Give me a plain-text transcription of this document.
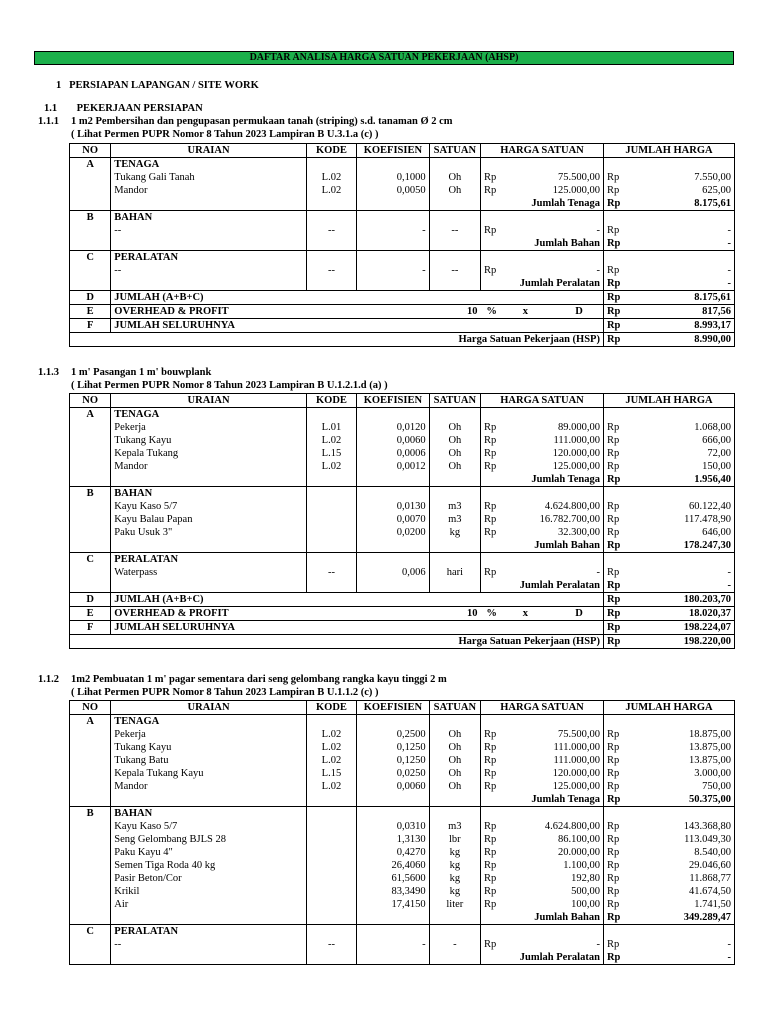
DAFTAR ANALISA HARGA SATUAN PEKERJAAN (AHSP)
1 PERSIAPAN LAPANGAN / SITE WORK
1.1 PEKERJAAN PERSIAPAN
1.1.1 1 m2 Pembersihan dan pengupasan permukaan tanah (striping) s.d. tanaman Ø 2 cm
( Lihat Permen PUPR Nomor 8 Tahun 2023 Lampiran B U.3.1.a (c) )
NO	URAIAN	KODE	KOEFISIEN	SATUAN	HARGA SATUAN		JUMLAH HARGA	
A	TENAGA							
	Tukang Gali Tanah	L.02	0,1000	Oh	Rp	75.500,00	Rp	7.550,00
	Mandor	L.02	0,0050	Oh	Rp	125.000,00	Rp	625,00
					Jumlah Tenaga		Rp	8.175,61
B	BAHAN							
	--	--	-	--	Rp	-	Rp	-
					Jumlah Bahan		Rp	-
C	PERALATAN							
	--	--	-	--	Rp	-	Rp	-
					Jumlah Peralatan		Rp	-
D	JUMLAH (A+B+C)						Rp	8.175,61
E	OVERHEAD & PROFIT			10	%	x                  D	Rp	817,56
F	JUMLAH SELURUHNYA						Rp	8.993,17
Harga Satuan Pekerjaan (HSP)							Rp	8.990,00
1.1.3 1 m' Pasangan 1 m' bouwplank
( Lihat Permen PUPR Nomor 8 Tahun 2023 Lampiran B U.1.2.1.d (a) )
NO	URAIAN	KODE	KOEFISIEN	SATUAN	HARGA SATUAN		JUMLAH HARGA	
A	TENAGA							
	Pekerja	L.01	0,0120	Oh	Rp	89.000,00	Rp	1.068,00
	Tukang Kayu	L.02	0,0060	Oh	Rp	111.000,00	Rp	666,00
	Kepala Tukang	L.15	0,0006	Oh	Rp	120.000,00	Rp	72,00
	Mandor	L.02	0,0012	Oh	Rp	125.000,00	Rp	150,00
					Jumlah Tenaga		Rp	1.956,40
B	BAHAN							
	Kayu Kaso 5/7		0,0130	m3	Rp	4.624.800,00	Rp	60.122,40
	Kayu Balau Papan		0,0070	m3	Rp	16.782.700,00	Rp	117.478,90
	Paku Usuk 3"		0,0200	kg	Rp	32.300,00	Rp	646,00
					Jumlah Bahan		Rp	178.247,30
C	PERALATAN							
	Waterpass	--	0,006	hari	Rp	-	Rp	-
					Jumlah Peralatan		Rp	-
D	JUMLAH (A+B+C)						Rp	180.203,70
E	OVERHEAD & PROFIT			10	%	x                  D	Rp	18.020,37
F	JUMLAH SELURUHNYA						Rp	198.224,07
Harga Satuan Pekerjaan (HSP)							Rp	198.220,00
1.1.2 1m2 Pembuatan 1 m' pagar sementara dari seng gelombang rangka kayu tinggi 2 m
( Lihat Permen PUPR Nomor 8 Tahun 2023 Lampiran B U.1.1.2 (c) )
NO	URAIAN	KODE	KOEFISIEN	SATUAN	HARGA SATUAN		JUMLAH HARGA	
A	TENAGA							
	Pekerja	L.02	0,2500	Oh	Rp	75.500,00	Rp	18.875,00
	Tukang Kayu	L.02	0,1250	Oh	Rp	111.000,00	Rp	13.875,00
	Tukang Batu	L.02	0,1250	Oh	Rp	111.000,00	Rp	13.875,00
	Kepala Tukang Kayu	L.15	0,0250	Oh	Rp	120.000,00	Rp	3.000,00
	Mandor	L.02	0,0060	Oh	Rp	125.000,00	Rp	750,00
					Jumlah Tenaga		Rp	50.375,00
B	BAHAN							
	Kayu Kaso 5/7		0,0310	m3	Rp	4.624.800,00	Rp	143.368,80
	Seng Gelombang BJLS 28		1,3130	lbr	Rp	86.100,00	Rp	113.049,30
	Paku Kayu 4"		0,4270	kg	Rp	20.000,00	Rp	8.540,00
	Semen Tiga Roda 40 kg		26,4060	kg	Rp	1.100,00	Rp	29.046,60
	Pasir Beton/Cor		61,5600	kg	Rp	192,80	Rp	11.868,77
	Krikil		83,3490	kg	Rp	500,00	Rp	41.674,50
	Air		17,4150	liter	Rp	100,00	Rp	1.741,50
					Jumlah Bahan		Rp	349.289,47
C	PERALATAN							
	--	--	-	-	Rp	-	Rp	-
					Jumlah Peralatan		Rp	-
